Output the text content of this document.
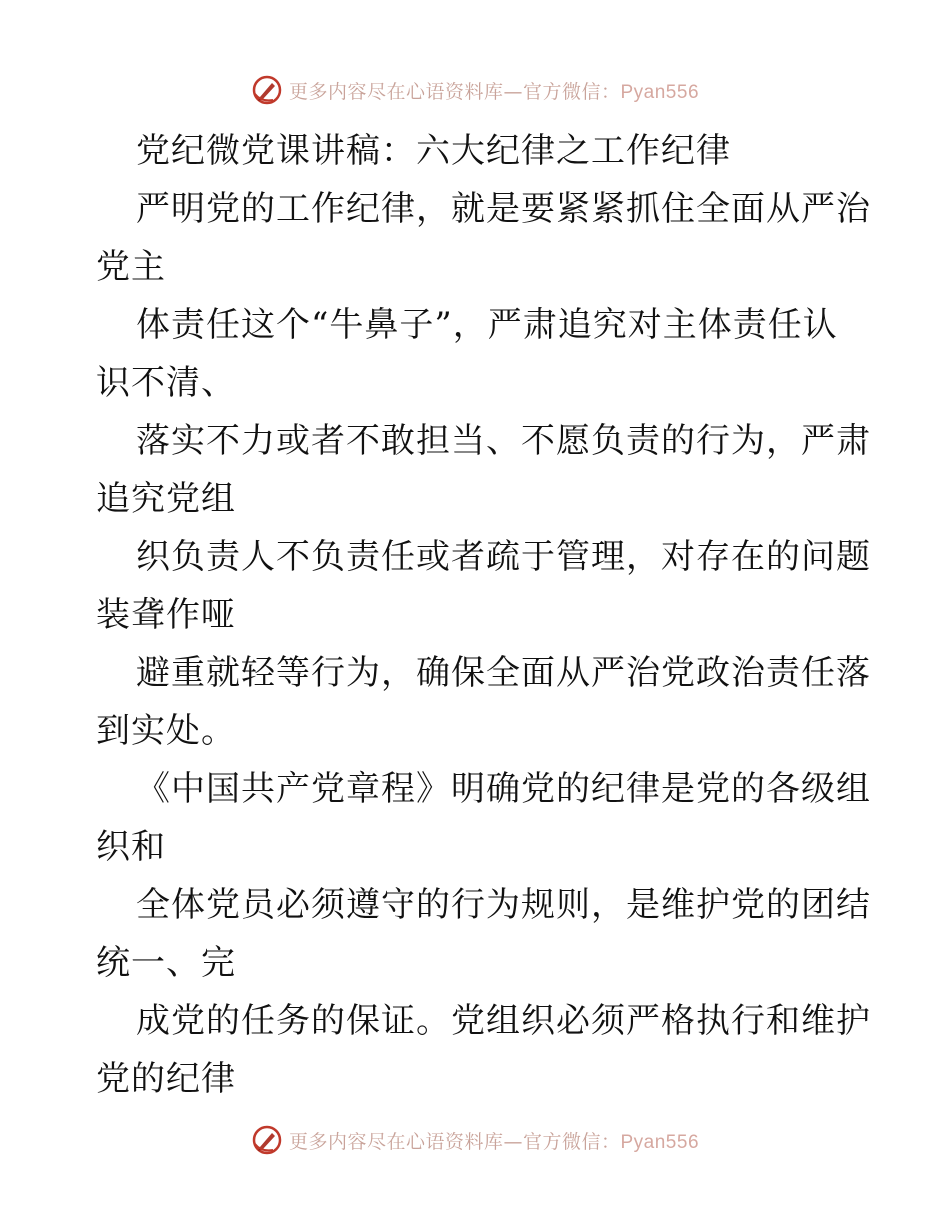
更多内容尽在心语资料库—官方微信：Pyan556
党纪微党课讲稿：六大纪律之工作纪律
严明党的工作纪律，就是要紧紧抓住全面从严治
党主
体责任这个“牛鼻子”，严肃追究对主体责任认
识不清、
落实不力或者不敢担当、不愿负责的行为，严肃
追究党组
织负责人不负责任或者疏于管理，对存在的问题
装聋作哑
避重就轻等行为，确保全面从严治党政治责任落
到实处。
《中国共产党章程》明确党的纪律是党的各级组
织和
全体党员必须遵守的行为规则，是维护党的团结
统一、完
成党的任务的保证。党组织必须严格执行和维护
党的纪律
更多内容尽在心语资料库—官方微信：Pyan556
